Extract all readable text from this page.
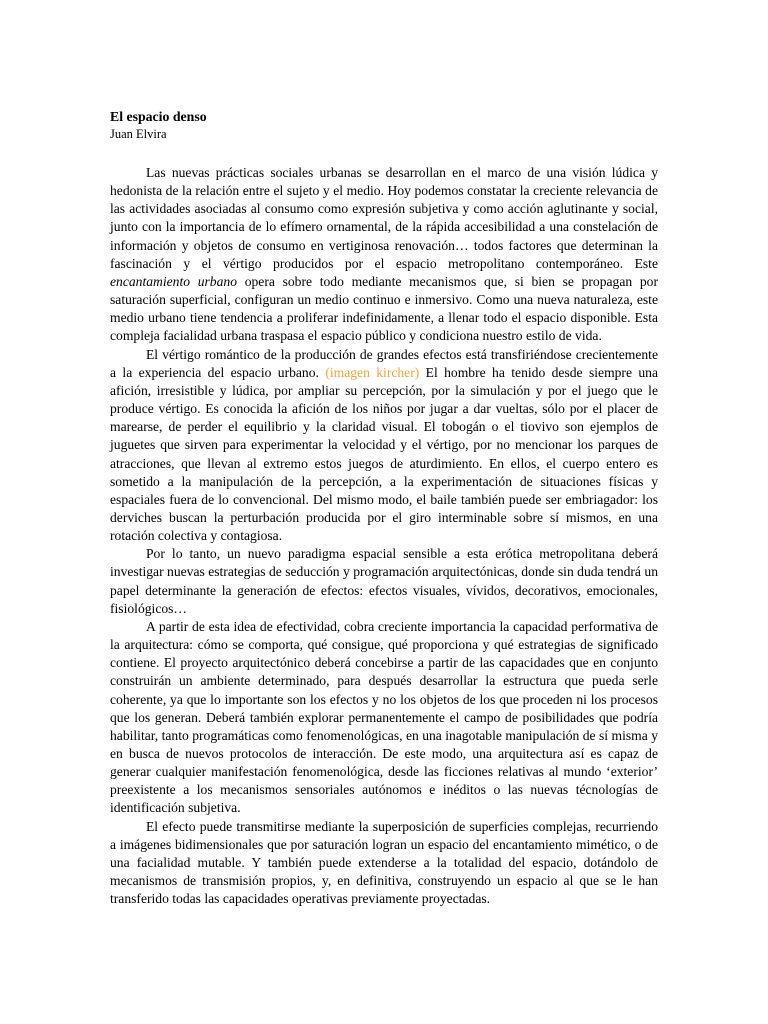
El espacio denso

Juan Elvira

Las nuevas prácticas sociales urbanas se desarrollan en el marco de una visión lúdica y hedonista de la relación entre el sujeto y el medio. Hoy podemos constatar la creciente relevancia de las actividades asociadas al consumo como expresión subjetiva y como acción aglutinante y social, junto con la importancia de lo efímero ornamental, de la rápida accesibilidad a una constelación de información y objetos de consumo en vertiginosa renovación… todos factores que determinan la fascinación y el vértigo producidos por el espacio metropolitano contemporáneo. Este encantamiento urbano opera sobre todo mediante mecanismos que, si bien se propagan por saturación superficial, configuran un medio continuo e inmersivo. Como una nueva naturaleza, este medio urbano tiene tendencia a proliferar indefinidamente, a llenar todo el espacio disponible. Esta compleja facialidad urbana traspasa el espacio público y condiciona nuestro estilo de vida.

El vértigo romántico de la producción de grandes efectos está transfiriéndose crecientemente a la experiencia del espacio urbano. (imagen kircher) El hombre ha tenido desde siempre una afición, irresistible y lúdica, por ampliar su percepción, por la simulación y por el juego que le produce vértigo. Es conocida la afición de los niños por jugar a dar vueltas, sólo por el placer de marearse, de perder el equilibrio y la claridad visual. El tobogán o el tiovivo son ejemplos de juguetes que sirven para experimentar la velocidad y el vértigo, por no mencionar los parques de atracciones, que llevan al extremo estos juegos de aturdimiento. En ellos, el cuerpo entero es sometido a la manipulación de la percepción, a la experimentación de situaciones físicas y espaciales fuera de lo convencional. Del mismo modo, el baile también puede ser embriagador: los derviches buscan la perturbación producida por el giro interminable sobre sí mismos, en una rotación colectiva y contagiosa.

Por lo tanto, un nuevo paradigma espacial sensible a esta erótica metropolitana deberá investigar nuevas estrategias de seducción y programación arquitectónicas, donde sin duda tendrá un papel determinante la generación de efectos: efectos visuales, vívidos, decorativos, emocionales, fisiológicos…

A partir de esta idea de efectividad, cobra creciente importancia la capacidad performativa de la arquitectura: cómo se comporta, qué consigue, qué proporciona y qué estrategias de significado contiene. El proyecto arquitectónico deberá concebirse a partir de las capacidades que en conjunto construirán un ambiente determinado, para después desarrollar la estructura que pueda serle coherente, ya que lo importante son los efectos y no los objetos de los que proceden ni los procesos que los generan. Deberá también explorar permanentemente el campo de posibilidades que podría habilitar, tanto programáticas como fenomenológicas, en una inagotable manipulación de sí misma y en busca de nuevos protocolos de interacción. De este modo, una arquitectura así es capaz de generar cualquier manifestación fenomenológica, desde las ficciones relativas al mundo ‘exterior’ preexistente a los mecanismos sensoriales autónomos e inéditos o las nuevas técnologías de identificación subjetiva.

El efecto puede transmitirse mediante la superposición de superficies complejas, recurriendo a imágenes bidimensionales que por saturación logran un espacio del encantamiento mimético, o de una facialidad mutable. Y también puede extenderse a la totalidad del espacio, dotándolo de mecanismos de transmisión propios, y, en definitiva, construyendo un espacio al que se le han transferido todas las capacidades operativas previamente proyectadas.
